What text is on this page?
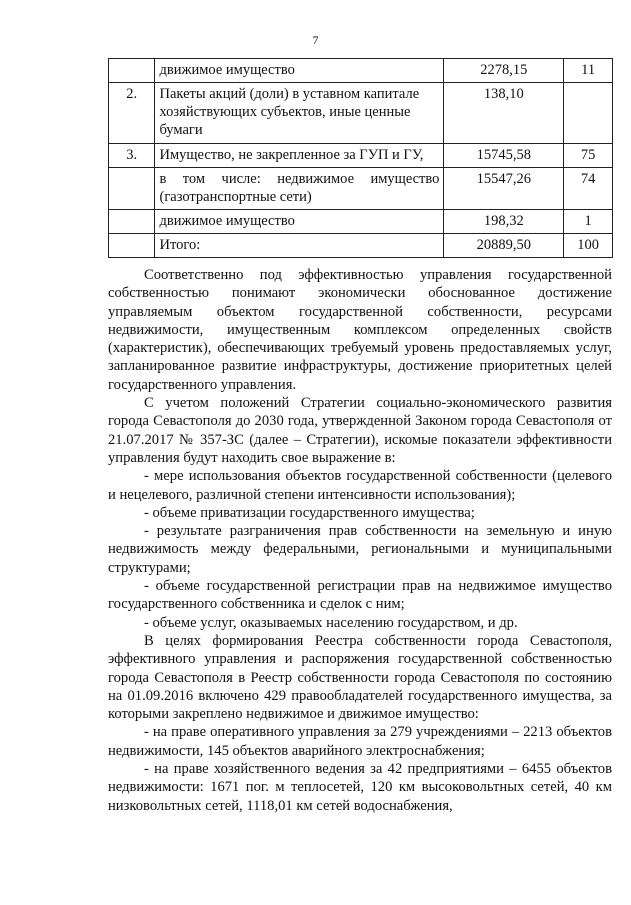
7
	движимое имущество	2278,15	11
2.	Пакеты акций (доли) в уставном капитале хозяйствующих субъектов, иные ценные бумаги	138,10	
3.	Имущество, не закрепленное за ГУП и ГУ,	15745,58	75
	в том числе: недвижимое имущество (газотранспортные сети)	15547,26	74
	движимое имущество	198,32	1
	Итого:	20889,50	100

Соответственно под эффективностью управления государственной собственностью понимают экономически обоснованное достижение управляемым объектом государственной собственности, ресурсами недвижимости, имущественным комплексом определенных свойств (характеристик), обеспечивающих требуемый уровень предоставляемых услуг, запланированное развитие инфраструктуры, достижение приоритетных целей государственного управления.

С учетом положений Стратегии социально-экономического развития города Севастополя до 2030 года, утвержденной Законом города Севастополя от 21.07.2017 № 357-ЗС (далее – Стратегии), искомые показатели эффективности управления будут находить свое выражение в:

- мере использования объектов государственной собственности (целевого и нецелевого, различной степени интенсивности использования);

- объеме приватизации государственного имущества;

- результате разграничения прав собственности на земельную и иную недвижимость между федеральными, региональными и муниципальными структурами;

- объеме государственной регистрации прав на недвижимое имущество государственного собственника и сделок с ним;

- объеме услуг, оказываемых населению государством, и др.

В целях формирования Реестра собственности города Севастополя, эффективного управления и распоряжения государственной собственностью города Севастополя в Реестр собственности города Севастополя по состоянию на 01.09.2016 включено 429 правообладателей государственного имущества, за которыми закреплено недвижимое и движимое имущество:

- на праве оперативного управления за 279 учреждениями – 2213 объектов недвижимости, 145 объектов аварийного электроснабжения;

- на праве хозяйственного ведения за 42 предприятиями – 6455 объектов недвижимости: 1671 пог. м теплосетей, 120 км высоковольтных сетей, 40 км низковольтных сетей, 1118,01 км сетей водоснабжения,
